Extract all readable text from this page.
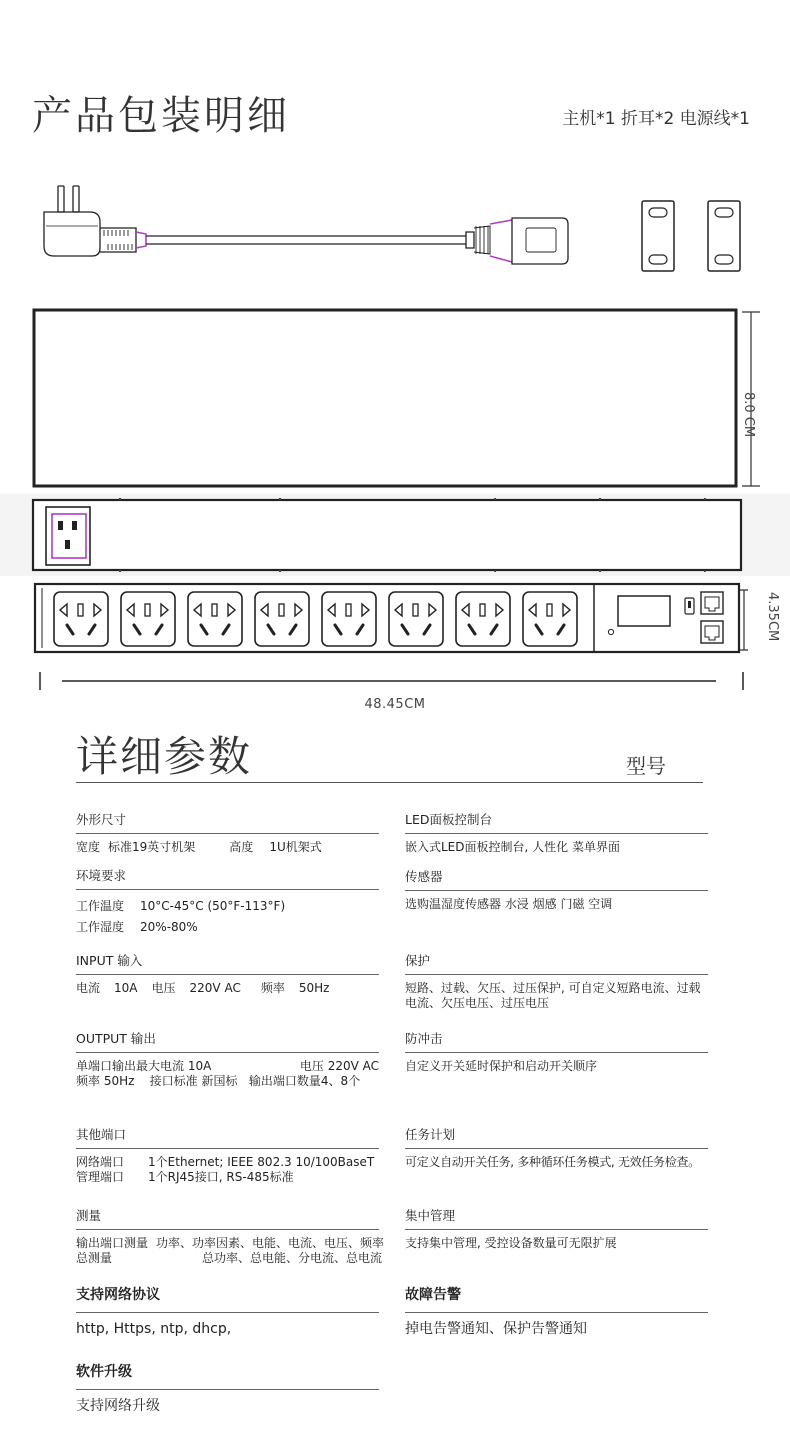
产品包装明细	主机*1 折耳*2 电源线*1
48.45CM
8.0 CM
4.35CM
详细参数	型号
外形尺寸
宽度 标准19英寸机架	高度 1U机架式
环境要求
工作温度 10°C-45°C (50°F-113°F)
工作湿度 20%-80%
INPUT 输入
电流 10A 电压 220V AC 频率 50Hz
OUTPUT 输出
单端口输出最大电流 10A	电压 220V AC
频率 50Hz    接口标准 新国标   输出端口数量4、8个
其他端口
网络端口 1个Ethernet; IEEE 802.3 10/100BaseT
管理端口 1个RJ45接口, RS-485标准
测量
输出端口测量 功率、功率因素、电能、电流、电压、频率
总测量	总功率、总电能、分电流、总电流
支持网络协议
http, Https, ntp, dhcp,
软件升级
支持网络升级
LED面板控制台
嵌入式LED面板控制台, 人性化 菜单界面
传感器
选购温湿度传感器 水浸 烟感 门磁 空调
保护
短路、过载、欠压、过压保护, 可自定义短路电流、过载电流、欠压电压、过压电压
防冲击
自定义开关延时保护和启动开关顺序
任务计划
可定义自动开关任务, 多种循环任务模式, 无效任务检查。
集中管理
支持集中管理, 受控设备数量可无限扩展
故障告警
掉电告警通知、保护告警通知
